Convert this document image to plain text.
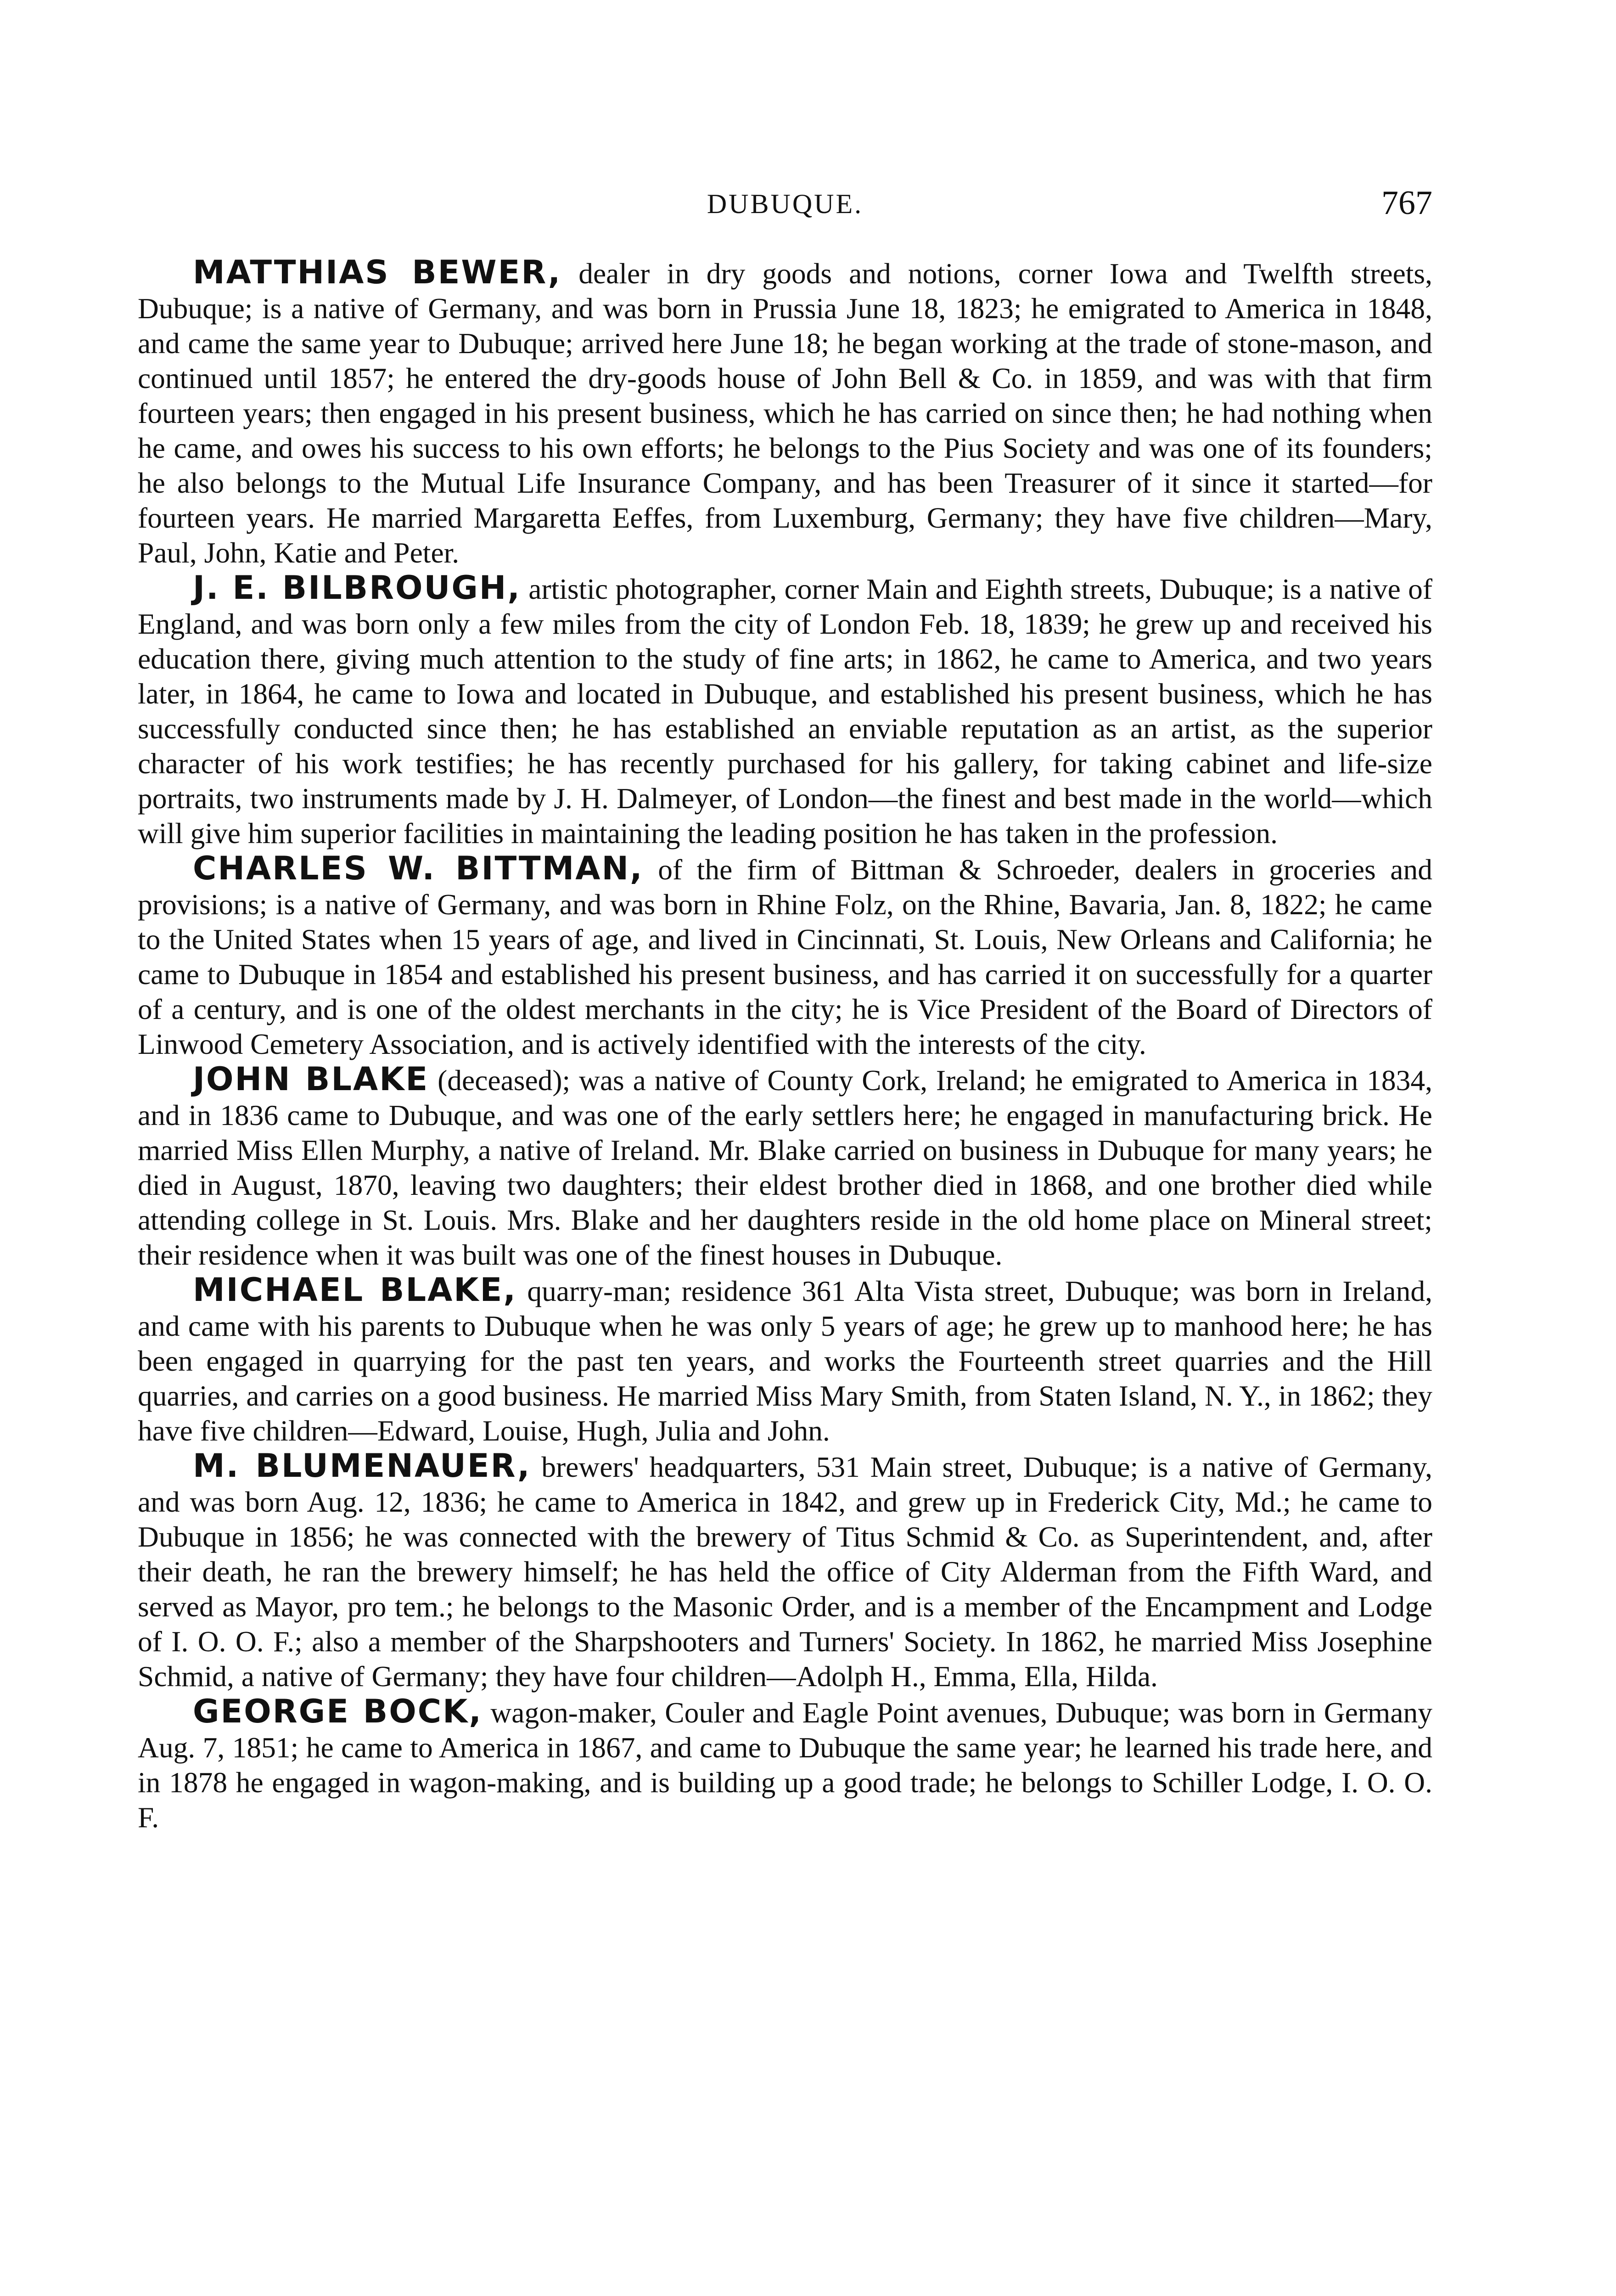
DUBUQUE.	767

MATTHIAS BEWER, dealer in dry goods and notions, corner Iowa and Twelfth streets, Dubuque; is a native of Germany, and was born in Prussia June 18, 1823; he emigrated to America in 1848, and came the same year to Dubuque; arrived here June 18; he began working at the trade of stone-mason, and continued until 1857; he entered the dry-goods house of John Bell & Co. in 1859, and was with that firm fourteen years; then engaged in his present business, which he has carried on since then; he had nothing when he came, and owes his success to his own efforts; he belongs to the Pius Society and was one of its founders; he also belongs to the Mutual Life Insurance Company, and has been Treasurer of it since it started—for fourteen years. He married Margaretta Eeffes, from Luxemburg, Germany; they have five children—Mary, Paul, John, Katie and Peter.

J. E. BILBROUGH, artistic photographer, corner Main and Eighth streets, Dubuque; is a native of England, and was born only a few miles from the city of London Feb. 18, 1839; he grew up and received his education there, giving much attention to the study of fine arts; in 1862, he came to America, and two years later, in 1864, he came to Iowa and located in Dubuque, and established his present business, which he has successfully conducted since then; he has established an enviable reputation as an artist, as the superior character of his work testifies; he has recently purchased for his gallery, for taking cabinet and life-size portraits, two instruments made by J. H. Dalmeyer, of London—the finest and best made in the world—which will give him superior facilities in maintaining the leading position he has taken in the profession.

CHARLES W. BITTMAN, of the firm of Bittman & Schroeder, dealers in groceries and provisions; is a native of Germany, and was born in Rhine Folz, on the Rhine, Bavaria, Jan. 8, 1822; he came to the United States when 15 years of age, and lived in Cincinnati, St. Louis, New Orleans and California; he came to Dubuque in 1854 and established his present business, and has carried it on successfully for a quarter of a century, and is one of the oldest merchants in the city; he is Vice President of the Board of Directors of Linwood Cemetery Association, and is actively identified with the interests of the city.

JOHN BLAKE (deceased); was a native of County Cork, Ireland; he emigrated to America in 1834, and in 1836 came to Dubuque, and was one of the early settlers here; he engaged in manufacturing brick. He married Miss Ellen Murphy, a native of Ireland. Mr. Blake carried on business in Dubuque for many years; he died in August, 1870, leaving two daughters; their eldest brother died in 1868, and one brother died while attending college in St. Louis. Mrs. Blake and her daughters reside in the old home place on Mineral street; their residence when it was built was one of the finest houses in Dubuque.

MICHAEL BLAKE, quarry-man; residence 361 Alta Vista street, Dubuque; was born in Ireland, and came with his parents to Dubuque when he was only 5 years of age; he grew up to manhood here; he has been engaged in quarrying for the past ten years, and works the Fourteenth street quarries and the Hill quarries, and carries on a good business. He married Miss Mary Smith, from Staten Island, N. Y., in 1862; they have five children—Edward, Louise, Hugh, Julia and John.

M. BLUMENAUER, brewers' headquarters, 531 Main street, Dubuque; is a native of Germany, and was born Aug. 12, 1836; he came to America in 1842, and grew up in Frederick City, Md.; he came to Dubuque in 1856; he was connected with the brewery of Titus Schmid & Co. as Superintendent, and, after their death, he ran the brewery himself; he has held the office of City Alderman from the Fifth Ward, and served as Mayor, pro tem.; he belongs to the Masonic Order, and is a member of the Encampment and Lodge of I. O. O. F.; also a member of the Sharpshooters and Turners' Society. In 1862, he married Miss Josephine Schmid, a native of Germany; they have four children—Adolph H., Emma, Ella, Hilda.

GEORGE BOCK, wagon-maker, Couler and Eagle Point avenues, Dubuque; was born in Germany Aug. 7, 1851; he came to America in 1867, and came to Dubuque the same year; he learned his trade here, and in 1878 he engaged in wagon-making, and is building up a good trade; he belongs to Schiller Lodge, I. O. O. F.
